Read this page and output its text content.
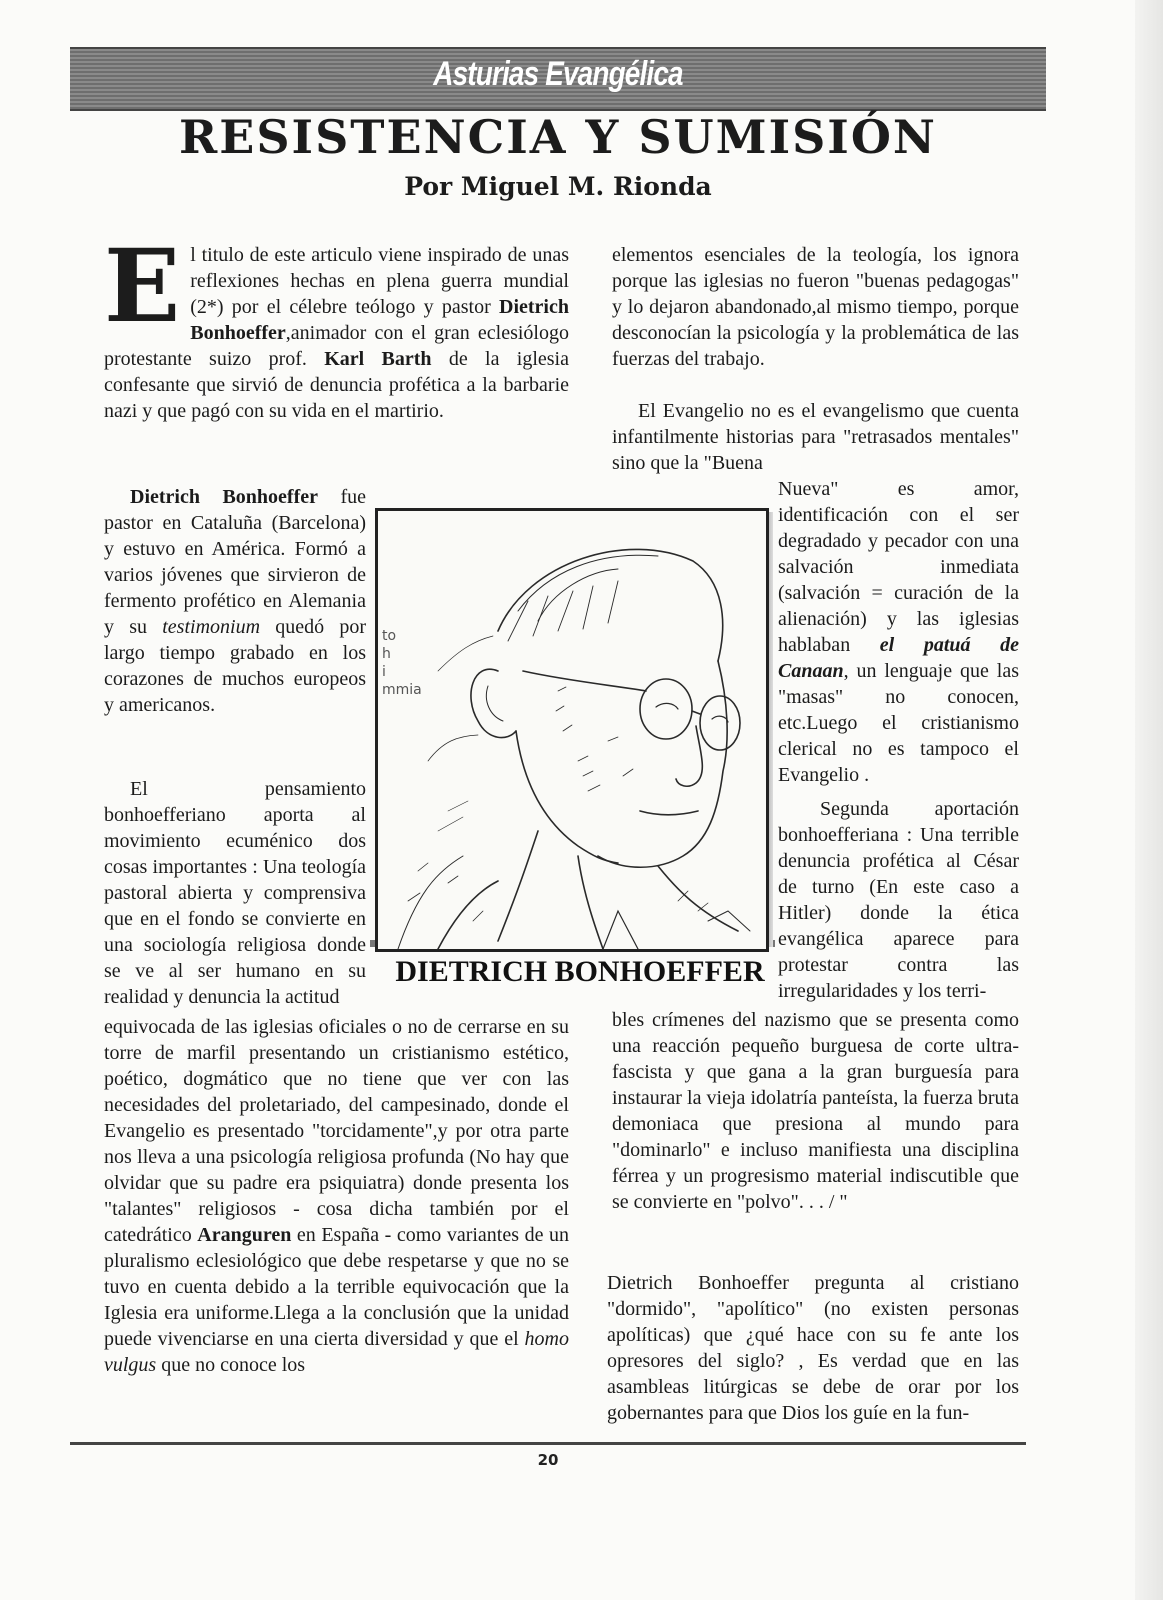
Asturias Evangélica
RESISTENCIA Y SUMISIÓN
Por Miguel M. Rionda

El titulo de este articulo viene inspirado de unas reflexiones hechas en plena guerra mundial (2*) por el célebre teólogo y pastor Dietrich Bonhoeffer,animador con el gran eclesiólogo protestante suizo prof. Karl Barth de la iglesia confesante que sirvió de denuncia profética a la barbarie nazi y que pagó con su vida en el martirio.

Dietrich Bonhoeffer fue pastor en Cataluña (Barcelona) y estuvo en América. Formó a varios jóvenes que sirvieron de fermento profético en Alemania y su testimonium quedó por largo tiempo grabado en los corazones de muchos europeos y americanos.

El pensamiento bonhoefferiano aporta al movimiento ecuménico dos cosas importantes : Una teología pastoral abierta y comprensiva que en el fondo se convierte en una sociología religiosa donde se ve al ser humano en su realidad y denuncia la actitud

equivocada de las iglesias oficiales o no de cerrarse en su torre de marfil presentando un cristianismo estético, poético, dogmático que no tiene que ver con las necesidades del proletariado, del campesinado, donde el Evangelio es presentado "torcidamente",y por otra parte nos lleva a una psicología religiosa profunda (No hay que olvidar que su padre era psiquiatra) donde presenta los "talantes" religiosos - cosa dicha también por el catedrático Aranguren en España - como variantes de un pluralismo eclesiológico que debe respetarse y que no se tuvo en cuenta debido a la terrible equivocación que la Iglesia era uniforme.Llega a la conclusión que la unidad puede vivenciarse en una cierta diversidad y que el homo vulgus que no conoce los

elementos esenciales de la teología, los ignora porque las iglesias no fueron "buenas pedagogas" y lo dejaron abandonado,al mismo tiempo, porque desconocían la psicología y la problemática de las fuerzas del trabajo.

El Evangelio no es el evangelismo que cuenta infantilmente historias para "retrasados mentales" sino que la "Buena

Nueva" es amor, identificación con el ser degradado y pecador con una salvación inmediata (salvación = curación de la alienación) y las iglesias hablaban el patuá de Canaan, un lenguaje que las "masas" no conocen, etc.Luego el cristianismo clerical no es tampoco el Evangelio .

Segunda aportación bonhoefferiana : Una terrible denuncia profética al César de turno (En este caso a Hitler) donde la ética evangélica aparece para protestar contra las irregularidades y los terri-

bles crímenes del nazismo que se presenta como una reacción pequeño burguesa de corte ultra-fascista y que gana a la gran burguesía para instaurar la vieja idolatría panteísta, la fuerza bruta demoniaca que presiona al mundo para "dominarlo" e incluso manifiesta una disciplina férrea y un progresismo material indiscutible que se convierte en "polvo". . . / "

Dietrich Bonhoeffer pregunta al cristiano "dormido", "apolítico" (no existen personas apolíticas) que ¿qué hace con su fe ante los opresores del siglo? , Es verdad que en las asambleas litúrgicas se debe de orar por los gobernantes para que Dios los guíe en la fun-

to
h
i
mmia
DIETRICH BONHOEFFER
20
